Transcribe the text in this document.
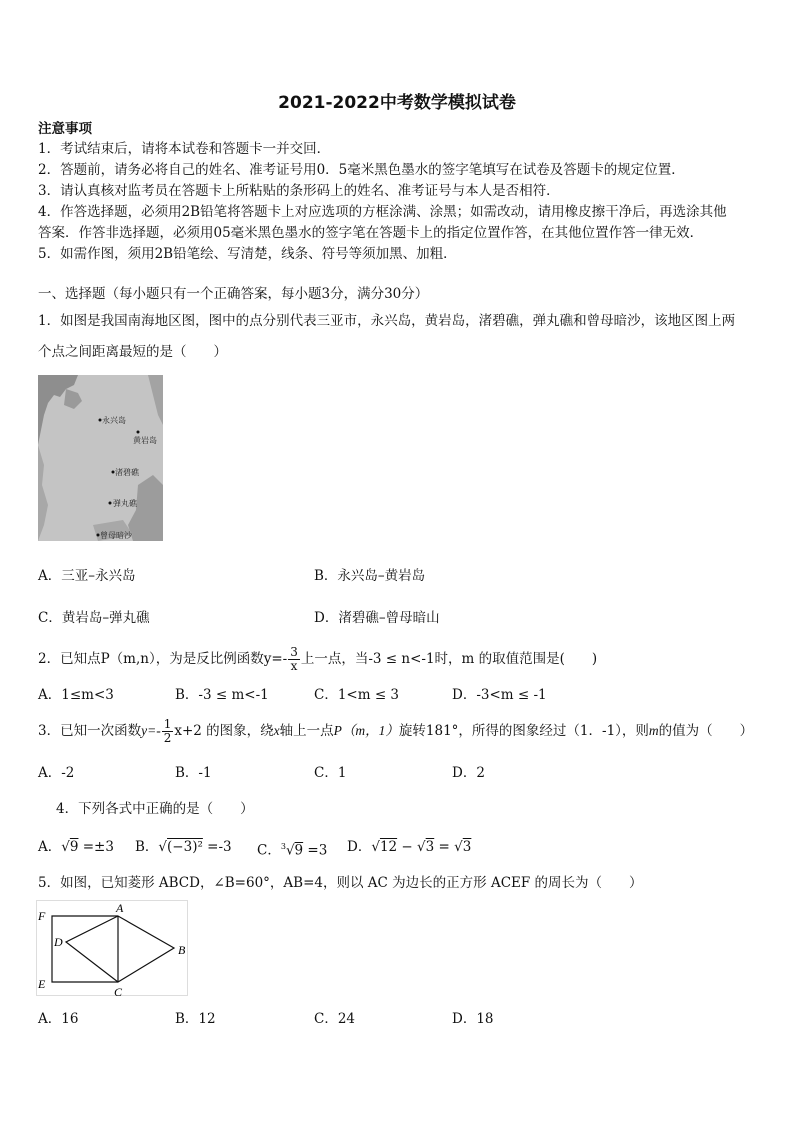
2021-2022中考数学模拟试卷
注意事项
1．考试结束后，请将本试卷和答题卡一并交回．
2．答题前，请务必将自己的姓名、准考证号用0．5毫米黑色墨水的签字笔填写在试卷及答题卡的规定位置．
3．请认真核对监考员在答题卡上所粘贴的条形码上的姓名、准考证号与本人是否相符．
4．作答选择题，必须用2B铅笔将答题卡上对应选项的方框涂满、涂黑；如需改动，请用橡皮擦干净后，再选涂其他
答案．作答非选择题，必须用05毫米黑色墨水的签字笔在答题卡上的指定位置作答，在其他位置作答一律无效．
5．如需作图，须用2B铅笔绘、写清楚，线条、符号等须加黑、加粗．
一、选择题（每小题只有一个正确答案，每小题3分，满分30分）
1．如图是我国南海地区图，图中的点分别代表三亚市，永兴岛，黄岩岛，渚碧礁，弹丸礁和曾母暗沙，该地区图上两
个点之间距离最短的是（　　）
永兴岛
黄岩岛
渚碧礁
弹丸礁
曾母暗沙
A．三亚–永兴岛	B．永兴岛–黄岩岛
C．黄岩岛–弹丸礁	D．渚碧礁–曾母暗山
2．已知点P（m,n），为是反比例函数$y=- \frac{3}{x}$ 上一点，当-3 ≤ n<-1时，m 的取值范围是(　　)
A．1≤m<3	B．-3 ≤ m<-1	C．1<m ≤ 3	D．-3<m ≤ -1
3．已知一次函数$y=- \frac{1}{2} x+2$ 的图象，绕x轴上一点P（m，1）旋转181°，所得的图象经过（1．-1），则m的值为（　　）
A．-2	B．-1	C．1	D．2
4．下列各式中正确的是（　　）
A．√9 =±3 B．√(−3)² =-3 C．$^3$√9 =3 D．√12 − √3 = √3
5．如图，已知菱形 ABCD，∠B=60°，AB=4，则以 AC 为边长的正方形 ACEF 的周长为（　　）
F
A
D
B
E
C
A．16	B．12	C．24	D．18
